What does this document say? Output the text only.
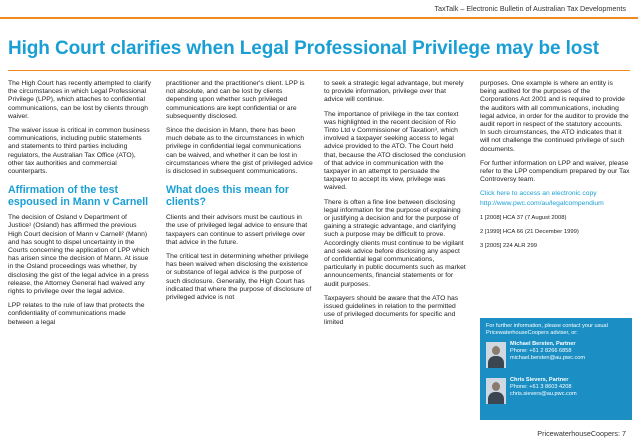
TaxTalk – Electronic Bulletin of Australian Tax Developments
High Court clarifies when Legal Professional Privilege may be lost

The High Court has recently attempted to clarify the circumstances in which Legal Professional Privilege (LPP), which attaches to confidential communications, can be lost by clients through waiver.

The waiver issue is critical in common business communications, including public statements and statements to third parties including regulators, the Australian Tax Office (ATO), other tax authorities and commercial counterparts.

Affirmation of the test espoused in Mann v Carnell

The decision of Osland v Department of Justice¹ (Osland) has affirmed the previous High Court decision of Mann v Carnell² (Mann) and has sought to dispel uncertainty in the Courts concerning the application of LPP which has arisen since the decision of Mann. At issue in the Osland proceedings was whether, by disclosing the gist of the legal advice in a press release, the Attorney General had waived any rights to privilege over the legal advice.

LPP relates to the rule of law that protects the confidentiality of communications made between a legal

practitioner and the practitioner's client. LPP is not absolute, and can be lost by clients depending upon whether such privileged communications are kept confidential or are subsequently disclosed.

Since the decision in Mann, there has been much debate as to the circumstances in which privilege in confidential legal communications can be waived, and whether it can be lost in circumstances where the gist of privileged advice is disclosed in subsequent communications.

What does this mean for clients?

Clients and their advisors must be cautious in the use of privileged legal advice to ensure that taxpayers can continue to assert privilege over that advice in the future.

The critical test in determining whether privilege has been waived when disclosing the existence or substance of legal advice is the purpose of such disclosure. Generally, the High Court has indicated that where the purpose of disclosure of privileged advice is not

to seek a strategic legal advantage, but merely to provide information, privilege over that advice will continue.

The importance of privilege in the tax context was highlighted in the recent decision of Rio Tinto Ltd v Commissioner of Taxation³, which involved a taxpayer seeking access to legal advice provided to the ATO. The Court held that, because the ATO disclosed the conclusion of that advice in communication with the taxpayer in an attempt to persuade the taxpayer to accept its view, privilege was waived.

There is often a fine line between disclosing legal information for the purpose of explaining or justifying a decision and for the purpose of gaining a strategic advantage, and clarifying such a purpose may be difficult to prove. Accordingly clients must continue to be vigilant and seek advice before disclosing any aspect of confidential legal communications, particularly in public documents such as market announcements, financial statements or for audit purposes.

Taxpayers should be aware that the ATO has issued guidelines in relation to the permitted use of privileged documents for specific and limited

purposes. One example is where an entity is being audited for the purposes of the Corporations Act 2001 and is required to provide the auditors with all communications, including legal advice, in order for the auditor to provide the audit report in respect of the statutory accounts. In such circumstances, the ATO indicates that it will not challenge the continued privilege of such documents.

For further information on LPP and waiver, please refer to the LPP compendium prepared by our Tax Controversy team.

Click here to access an electronic copy

http://www.pwc.com/au/legalcompendium

1 [2008] HCA 37 (7 August 2008)

2 [1999] HCA 66 (21 December 1999)

3 [2005] 224 ALR 299

For further information, please contact your usual PricewaterhouseCoopers adviser, or:
Michael Bersten, Partner
Phone: +61 2 8266 6858
michael.bersten@au.pwc.com
Chris Sievers, Partner
Phone: +61 3 8603 4208
chris.sievers@au.pwc.com
PricewaterhouseCoopers: 7
